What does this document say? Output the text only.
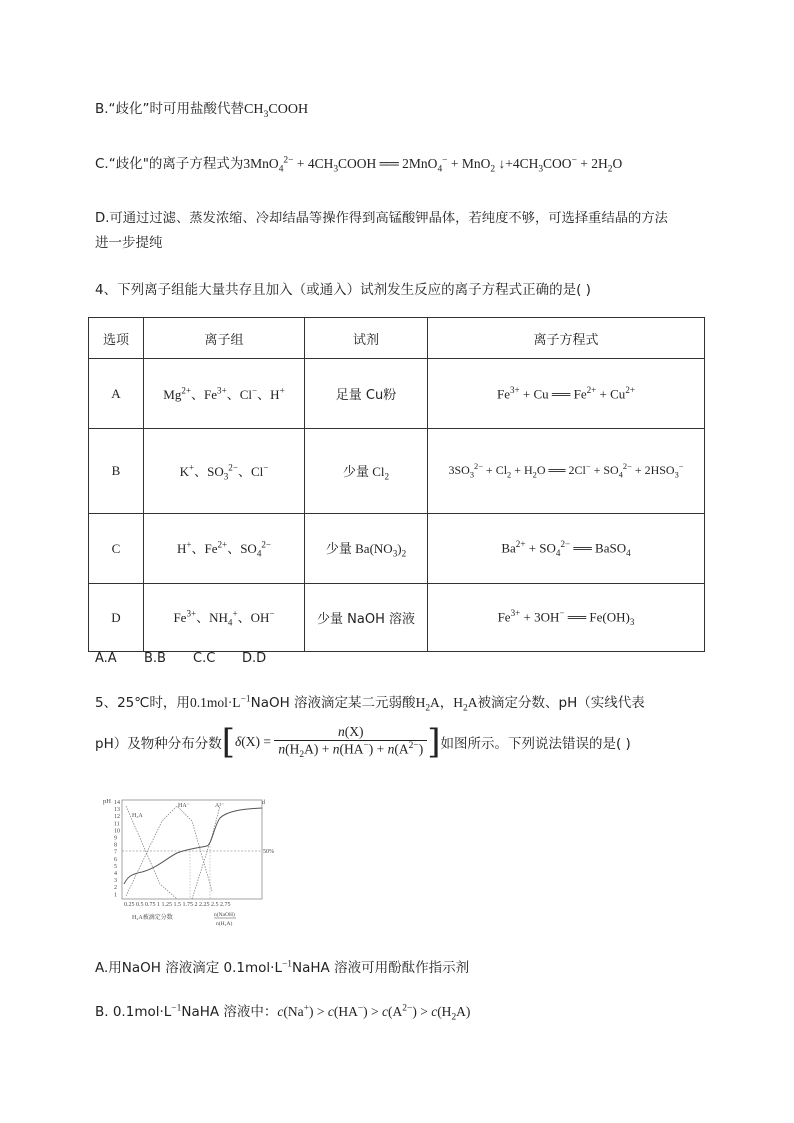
B.“歧化”时可用盐酸代替$CH_3COOH$
C.“歧化"的离子方程式为$3MnO_4^{2-} + 4CH_3COOH$ ══ 2MnO$_4$− + MnO$_2$ $↓+4CH_3COO^- + 2H_2O$
D.可通过过滤、蒸发浓缩、冷却结晶等操作得到高锰酸钾晶体，若纯度不够，可选择重结晶的方法
进一步提纯
4、下列离子组能大量共存且加入（或通入）试剂发生反应的离子方程式正确的是( )
选项	离子组	试剂	离子方程式
A	$Mg^{2+}$、$Fe^{3+}$、Cl−、H+	足量 Cu粉	$Fe^{3+} + Cu$ ══ $Fe^{2+} + Cu^{2+}$
B	K+、$SO_3^{2-}$、Cl−	少量 $Cl_2$	$3SO_3^{2-} + Cl_2 + H_2O$ ══ $2Cl^- + SO_4^{2-} + 2HSO_3^-$
C	H+、$Fe^{2+}$、$SO_4^{2-}$	少量 $Ba(NO_3)_2$	$Ba^{2+} + SO_4^{2-}$ ══ BaSO$_4$
D	$Fe^{3+}$、$NH_4^+$、OH−	少量 NaOH 溶液	$Fe^{3+} + 3OH^-$ ══ $Fe(OH)_3$
A.A B.B C.C D.D
5、25℃时，用$0.1mol\cdot L^{-1}NaOH$ 溶液滴定某二元弱酸$H_2A$，$H_2A$被滴定分数、pH（实线代表
pH）及物种分布分数[$\delta(X) = \frac{n(X)}{n(H_2A) + n(HA^-) + n(A^{2-})}$ ]如图所示。下列说法错误的是( )
pH 14
13
12
11
10
9
8
7
6
5
4
3
2
1
0.25 0.5 0.75 1 1.25 1.5 1.75 2 2.25 2.5 2.75
H₂A被滴定分数	n(NaOH)
n(H₂A)
H₂A
HA⁻	A²⁻	d
50%
A.用NaOH 溶液滴定 $0.1mol\cdot L^{-1}NaHA$ 溶液可用酚酞作指示剂
B. $0.1mol\cdot L^{-1}NaHA$ 溶液中：$c(Na^+) > c(HA^-) > c(A^{2-}) > c(H_2A)$
